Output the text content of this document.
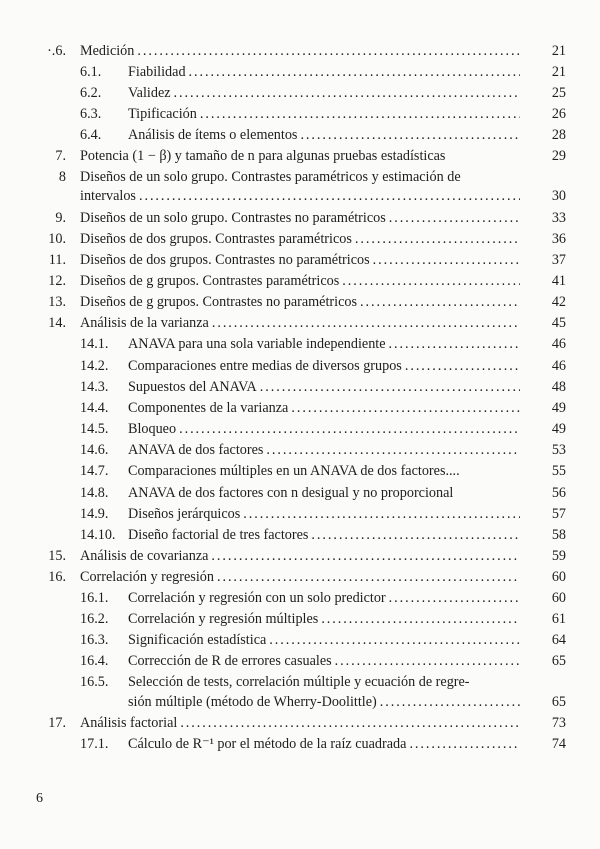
·.6. Medición . . .	21
6.1.	Fiabilidad . . .	21
6.2.	Validez . . .	25
6.3.	Tipificación . . .	26
6.4.	Análisis de ítems o elementos . . .	28
7. Potencia (1 − β) y tamaño de n para algunas pruebas estadísticas	29
8 Diseños de un solo grupo. Contrastes paramétricos y estimación de
intervalos . . .	30
9. Diseños de un solo grupo. Contrastes no paramétricos . . .	33
10. Diseños de dos grupos. Contrastes paramétricos . . .	36
11. Diseños de dos grupos. Contrastes no paramétricos . . .	37
12. Diseños de g grupos. Contrastes paramétricos . . .	41
13. Diseños de g grupos. Contrastes no paramétricos . . .	42
14. Análisis de la varianza . . .	45
14.1.	ANAVA para una sola variable independiente . . .	46
14.2.	Comparaciones entre medias de diversos grupos . . .	46
14.3.	Supuestos del ANAVA . . .	48
14.4.	Componentes de la varianza . . .	49
14.5.	Bloqueo . . .	49
14.6.	ANAVA de dos factores . . .	53
14.7.	Comparaciones múltiples en un ANAVA de dos factores....	55
14.8.	ANAVA de dos factores con n desigual y no proporcional	56
14.9.	Diseños jerárquicos . . .	57
14.10. Diseño factorial de tres factores . . .	58
15. Análisis de covarianza . . .	59
16. Correlación y regresión . . .	60
16.1.	Correlación y regresión con un solo predictor . . .	60
16.2.	Correlación y regresión múltiples . . .	61
16.3.	Significación estadística . . .	64
16.4.	Corrección de R de errores casuales . . .	65
16.5.	Selección de tests, correlación múltiple y ecuación de regre-
sión múltiple (método de Wherry-Doolittle) . . .	65
17. Análisis factorial . . .	73
17.1.	Cálculo de R⁻¹ por el método de la raíz cuadrada . . .	74
6
